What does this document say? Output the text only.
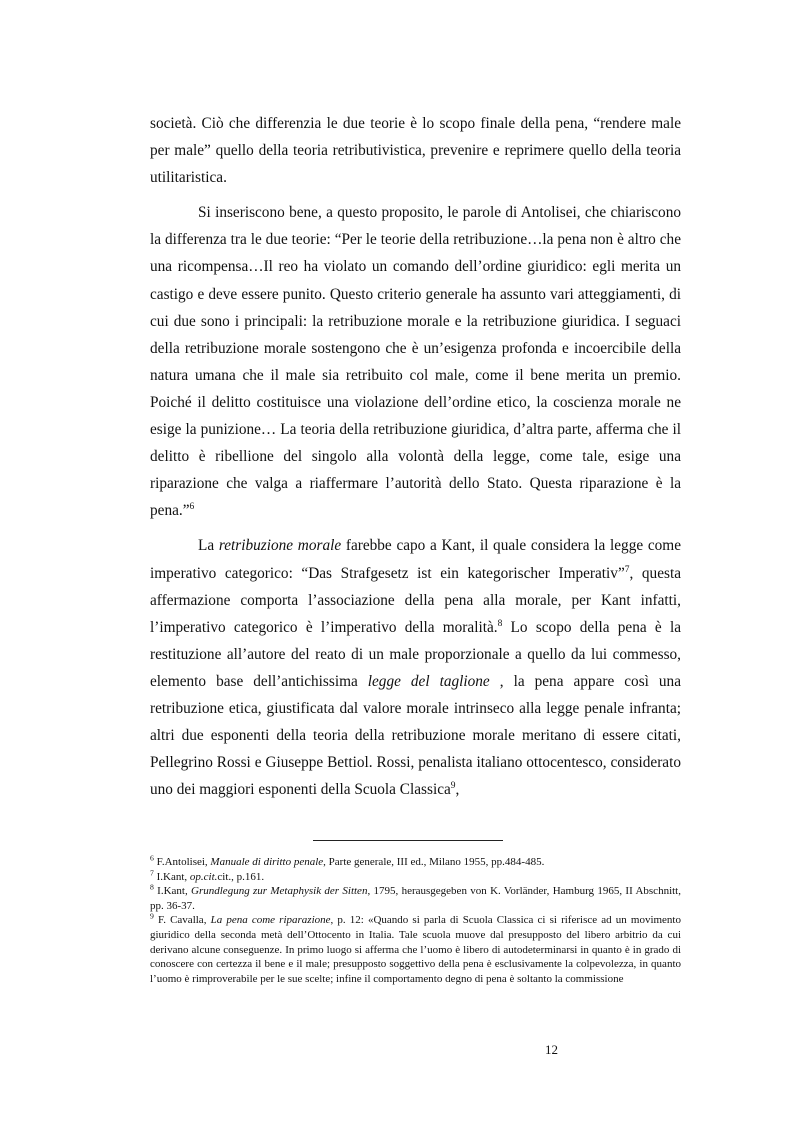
società. Ciò che differenzia le due teorie è lo scopo finale della pena, “rendere male per male” quello della teoria retributivistica, prevenire e reprimere quello della teoria utilitaristica.

Si inseriscono bene, a questo proposito, le parole di Antolisei, che chiariscono la differenza tra le due teorie: “Per le teorie della retribuzione…la pena non è altro che una ricompensa…Il reo ha violato un comando dell’ordine giuridico: egli merita un castigo e deve essere punito. Questo criterio generale ha assunto vari atteggiamenti, di cui due sono i principali: la retribuzione morale e la retribuzione giuridica. I seguaci della retribuzione morale sostengono che è un’esigenza profonda e incoercibile della natura umana che il male sia retribuito col male, come il bene merita un premio. Poiché il delitto costituisce una violazione dell’ordine etico, la coscienza morale ne esige la punizione… La teoria della retribuzione giuridica, d’altra parte, afferma che il delitto è ribellione del singolo alla volontà della legge, come tale, esige una riparazione che valga a riaffermare l’autorità dello Stato. Questa riparazione è la pena.”$^6$

La retribuzione morale farebbe capo a Kant, il quale considera la legge come imperativo categorico: “Das Strafgesetz ist ein kategorischer Imperativ”$^7$, questa affermazione comporta l’associazione della pena alla morale, per Kant infatti, l’imperativo categorico è l’imperativo della moralità.$^8$ Lo scopo della pena è la restituzione all’autore del reato di un male proporzionale a quello da lui commesso, elemento base dell’antichissima legge del taglione , la pena appare così una retribuzione etica, giustificata dal valore morale intrinseco alla legge penale infranta; altri due esponenti della teoria della retribuzione morale meritano di essere citati, Pellegrino Rossi e Giuseppe Bettiol. Rossi, penalista italiano ottocentesco, considerato uno dei maggiori esponenti della Scuola Classica$^9$,

$^6$ F.Antolisei, Manuale di diritto penale, Parte generale, III ed., Milano 1955, pp.484-485.

$^7$ I.Kant, op.cit.cit., p.161.

$^8$ I.Kant, Grundlegung zur Metaphysik der Sitten, 1795, herausgegeben von K. Vorländer, Hamburg 1965, II Abschnitt, pp. 36-37.

$^9$ F. Cavalla, La pena come riparazione, p. 12: «Quando si parla di Scuola Classica ci si riferisce ad un movimento giuridico della seconda metà dell’Ottocento in Italia. Tale scuola muove dal presupposto del libero arbitrio da cui derivano alcune conseguenze. In primo luogo si afferma che l’uomo è libero di autodeterminarsi in quanto è in grado di conoscere con certezza il bene e il male; presupposto soggettivo della pena è esclusivamente la colpevolezza, in quanto l’uomo è rimproverabile per le sue scelte; infine il comportamento degno di pena è soltanto la commissione

12
